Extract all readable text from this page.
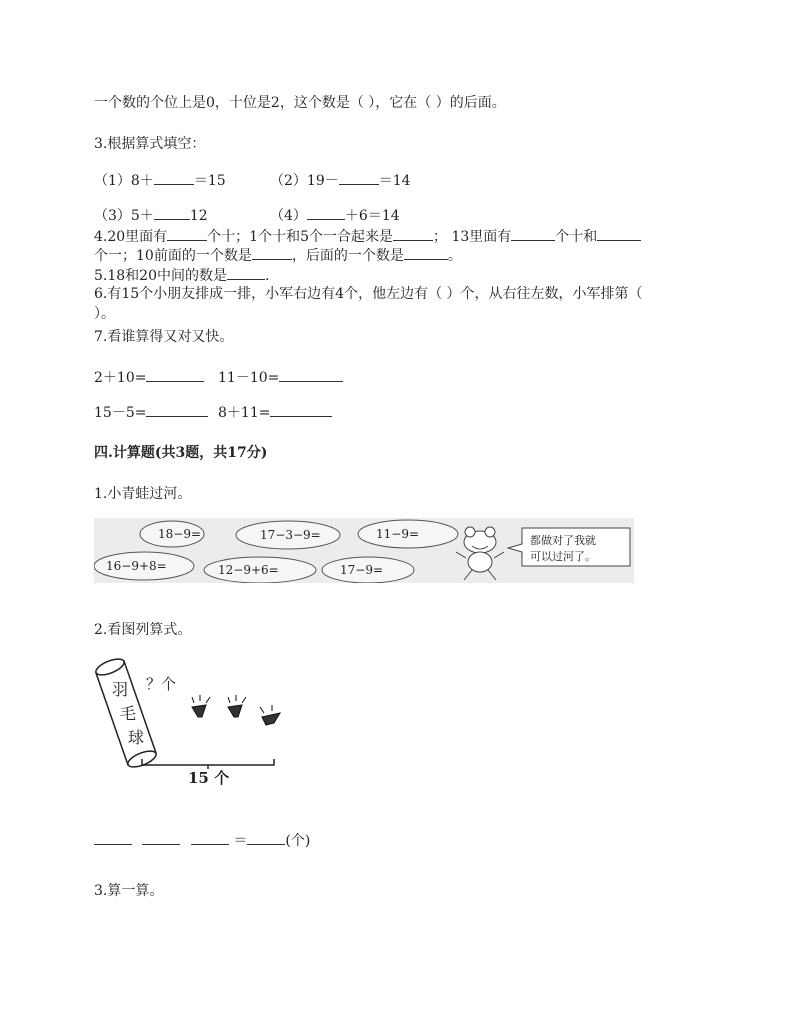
一个数的个位上是0，十位是2，这个数是（ ），它在（ ）的后面。
3.根据算式填空：
（1）8＋	＝15	（2）19－	＝14
（3）5＋	12	（4）	＋6＝14
4.20里面有	个十；1个十和5个一合起来是	； 13里面有	个十和
个一；10前面的一个数是	，后面的一个数是	。
5.18和20中间的数是	.
6.有15个小朋友排成一排，小军右边有4个，他左边有（ ）个，从右往左数，小军排第（
）。
7.看谁算得又对又快。
2＋10=	11－10=
15－5=	8＋11=
四.计算题(共3题，共17分)
1.小青蛙过河。
18−9=	17−3−9=	11−9=
16−9+8=	12−9+6=	17−9=
都做对了我就
可以过河了。
2.看图列算式。
羽
毛
球
？个
15 个
＝	(个)
3.算一算。
